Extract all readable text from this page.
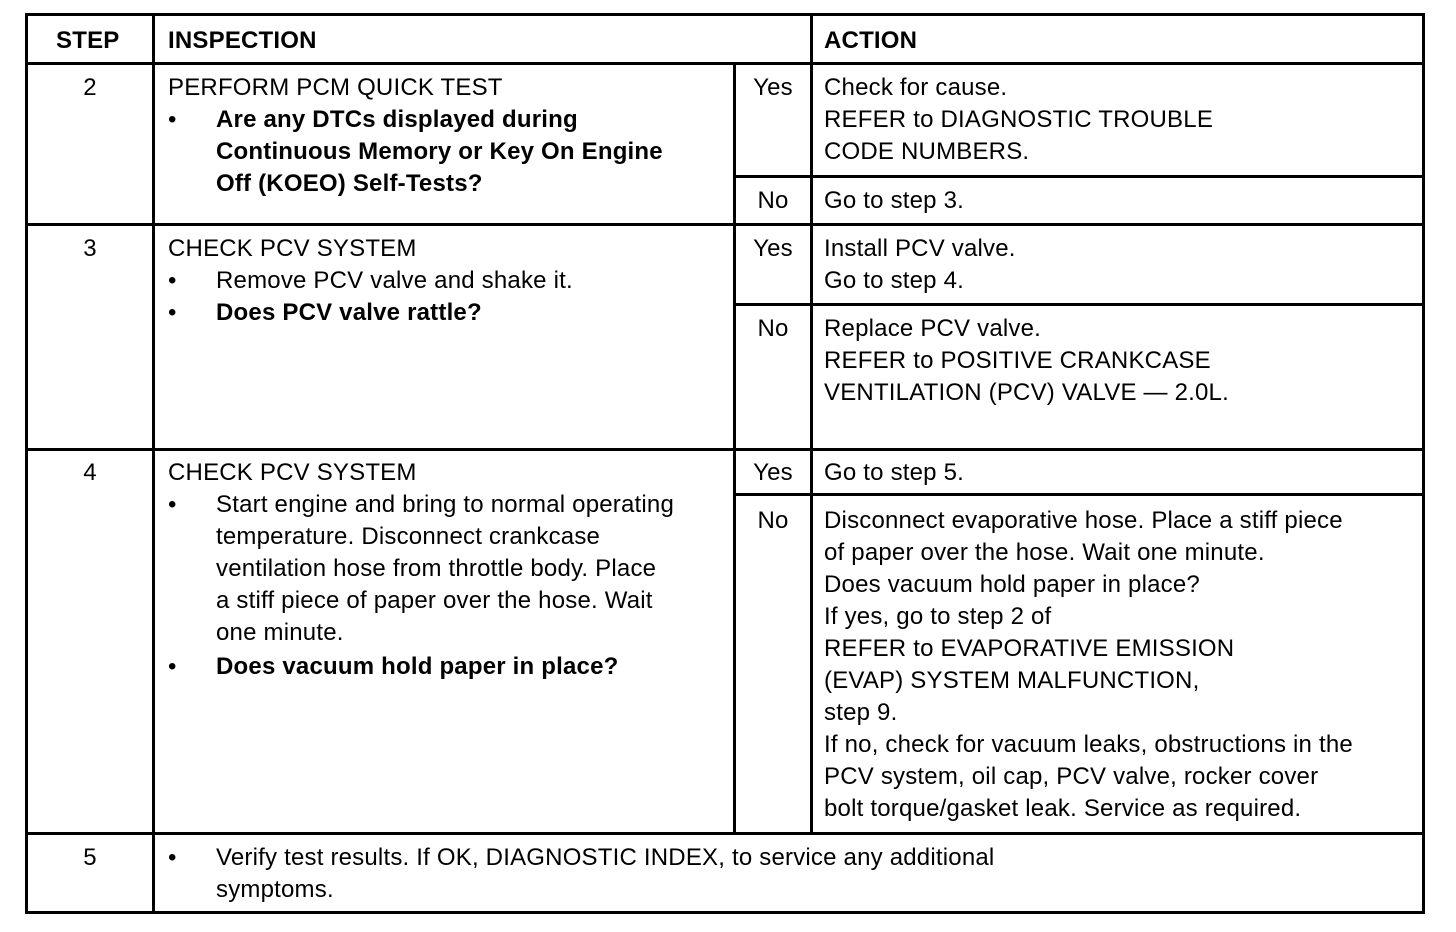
STEP INSPECTION	ACTION
2	PERFORM PCM QUICK TEST
• Are any DTCs displayed during
Continuous Memory or Key On Engine
Off (KOEO) Self-Tests?
Yes	Check for cause.
REFER to DIAGNOSTIC TROUBLE
CODE NUMBERS.
No	Go to step 3.
3	CHECK PCV SYSTEM
• Remove PCV valve and shake it.
• Does PCV valve rattle?
Yes	Install PCV valve.
Go to step 4.
No	Replace PCV valve.
REFER to POSITIVE CRANKCASE
VENTILATION (PCV) VALVE — 2.0L.
4	CHECK PCV SYSTEM
• Start engine and bring to normal operating
temperature. Disconnect crankcase
ventilation hose from throttle body. Place
a stiff piece of paper over the hose. Wait
one minute.
• Does vacuum hold paper in place?
Yes	Go to step 5.
No	Disconnect evaporative hose. Place a stiff piece
of paper over the hose. Wait one minute.
Does vacuum hold paper in place?
If yes, go to step 2 of
REFER to EVAPORATIVE EMISSION
(EVAP) SYSTEM MALFUNCTION,
step 9.
If no, check for vacuum leaks, obstructions in the
PCV system, oil cap, PCV valve, rocker cover
bolt torque/gasket leak. Service as required.
5	• Verify test results. If OK, DIAGNOSTIC INDEX, to service any additional
symptoms.
